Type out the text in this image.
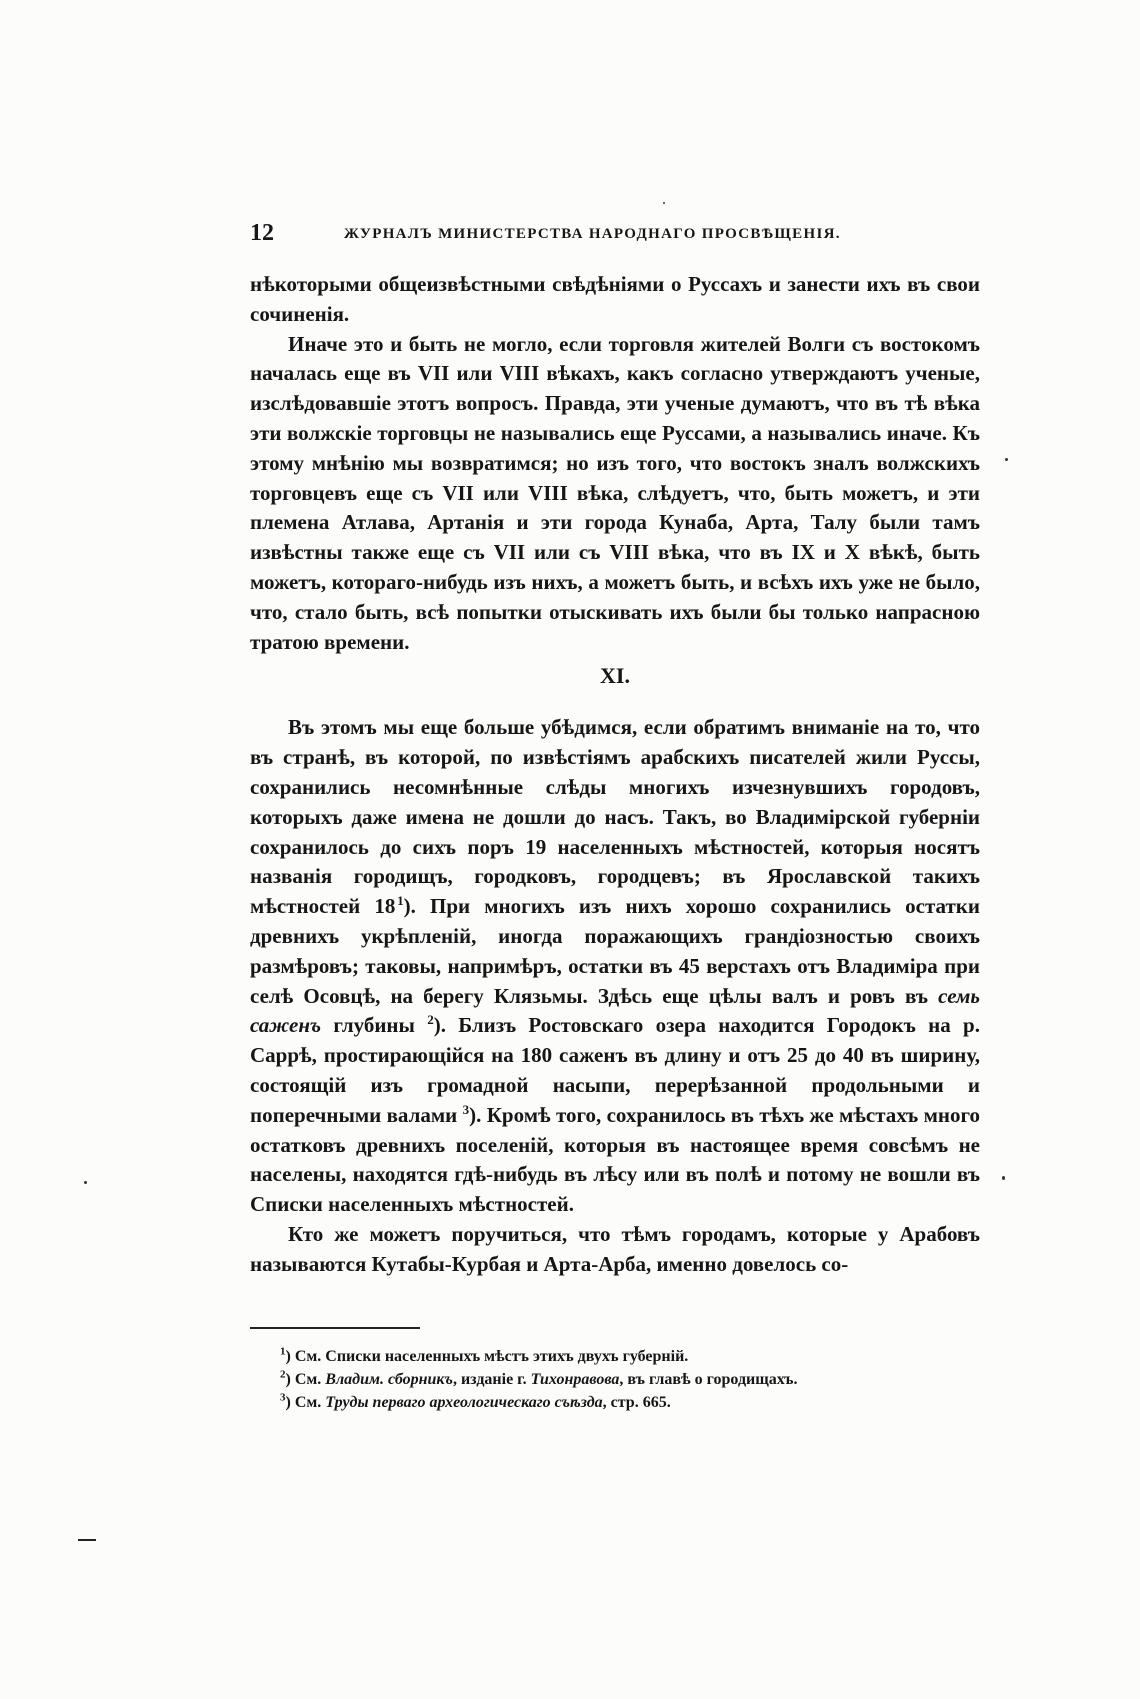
12	ЖУРНАЛЪ МИНИСТЕРСТВА НАРОДНАГО ПРОСВѢЩЕНІЯ.

нѣкоторыми общеизвѣстными свѣдѣніями о Руссахъ и занести ихъ въ свои сочиненія.

Иначе это и быть не могло, если торговля жителей Волги съ востокомъ началась еще въ VII или VIII вѣкахъ, какъ согласно утверждаютъ ученые, изслѣдовавшіе этотъ вопросъ. Правда, эти ученые думаютъ, что въ тѣ вѣка эти волжскіе торговцы не назывались еще Руссами, а назывались иначе. Къ этому мнѣнію мы возвратимся; но изъ того, что востокъ зналъ волжскихъ торговцевъ еще съ VII или VIII вѣка, слѣдуетъ, что, быть можетъ, и эти племена Атлава, Артанія и эти города Кунаба, Арта, Талу были тамъ извѣстны также еще съ VII или съ VIII вѣка, что въ IX и X вѣкѣ, быть можетъ, котораго-нибудь изъ нихъ, а можетъ быть, и всѣхъ ихъ уже не было, что, стало быть, всѣ попытки отыскивать ихъ были бы только напрасною тратою времени.

XI.

Въ этомъ мы еще больше убѣдимся, если обратимъ вниманіе на то, что въ странѣ, въ которой, по извѣстіямъ арабскихъ писателей жили Руссы, сохранились несомнѣнные слѣды многихъ изчезнувшихъ городовъ, которыхъ даже имена не дошли до насъ. Такъ, во Владимірской губерніи сохранилось до сихъ поръ 19 населенныхъ мѣстностей, которыя носятъ названія городищъ, городковъ, городцевъ; въ Ярославской такихъ мѣстностей 18  $^1$). При многихъ изъ нихъ хорошо сохранились остатки древнихъ укрѣпленій, иногда поражающихъ грандіозностью своихъ размѣровъ; таковы, напримѣръ, остатки въ 45 верстахъ отъ Владиміра при селѣ Осовцѣ, на берегу Клязьмы. Здѣсь еще цѣлы валъ и ровъ въ семь саженъ глубины $^2$). Близъ Ростовскаго озера находится Городокъ на р. Саррѣ, простирающійся на 180 саженъ въ длину и отъ 25 до 40 въ ширину, состоящій изъ громадной насыпи, перерѣзанной продольными и поперечными валами $^3$). Кромѣ того, сохранилось въ тѣхъ же мѣстахъ много остатковъ древнихъ поселеній, которыя въ настоящее время совсѣмъ не населены, находятся гдѣ-нибудь въ лѣсу или въ полѣ и потому не вошли въ Списки населенныхъ мѣстностей.

Кто же можетъ поручиться, что тѣмъ городамъ, которые у Арабовъ называются Кутабы-Курбая и Арта-Арба, именно довелось со-

$^1$) См. Списки населенныхъ мѣстъ этихъ двухъ губерній.
$^2$) См. Владим. сборникъ, изданіе г. Тихонравова, въ главѣ о городищахъ.
$^3$) См. Труды перваго археологическаго съѣзда, стр. 665.
